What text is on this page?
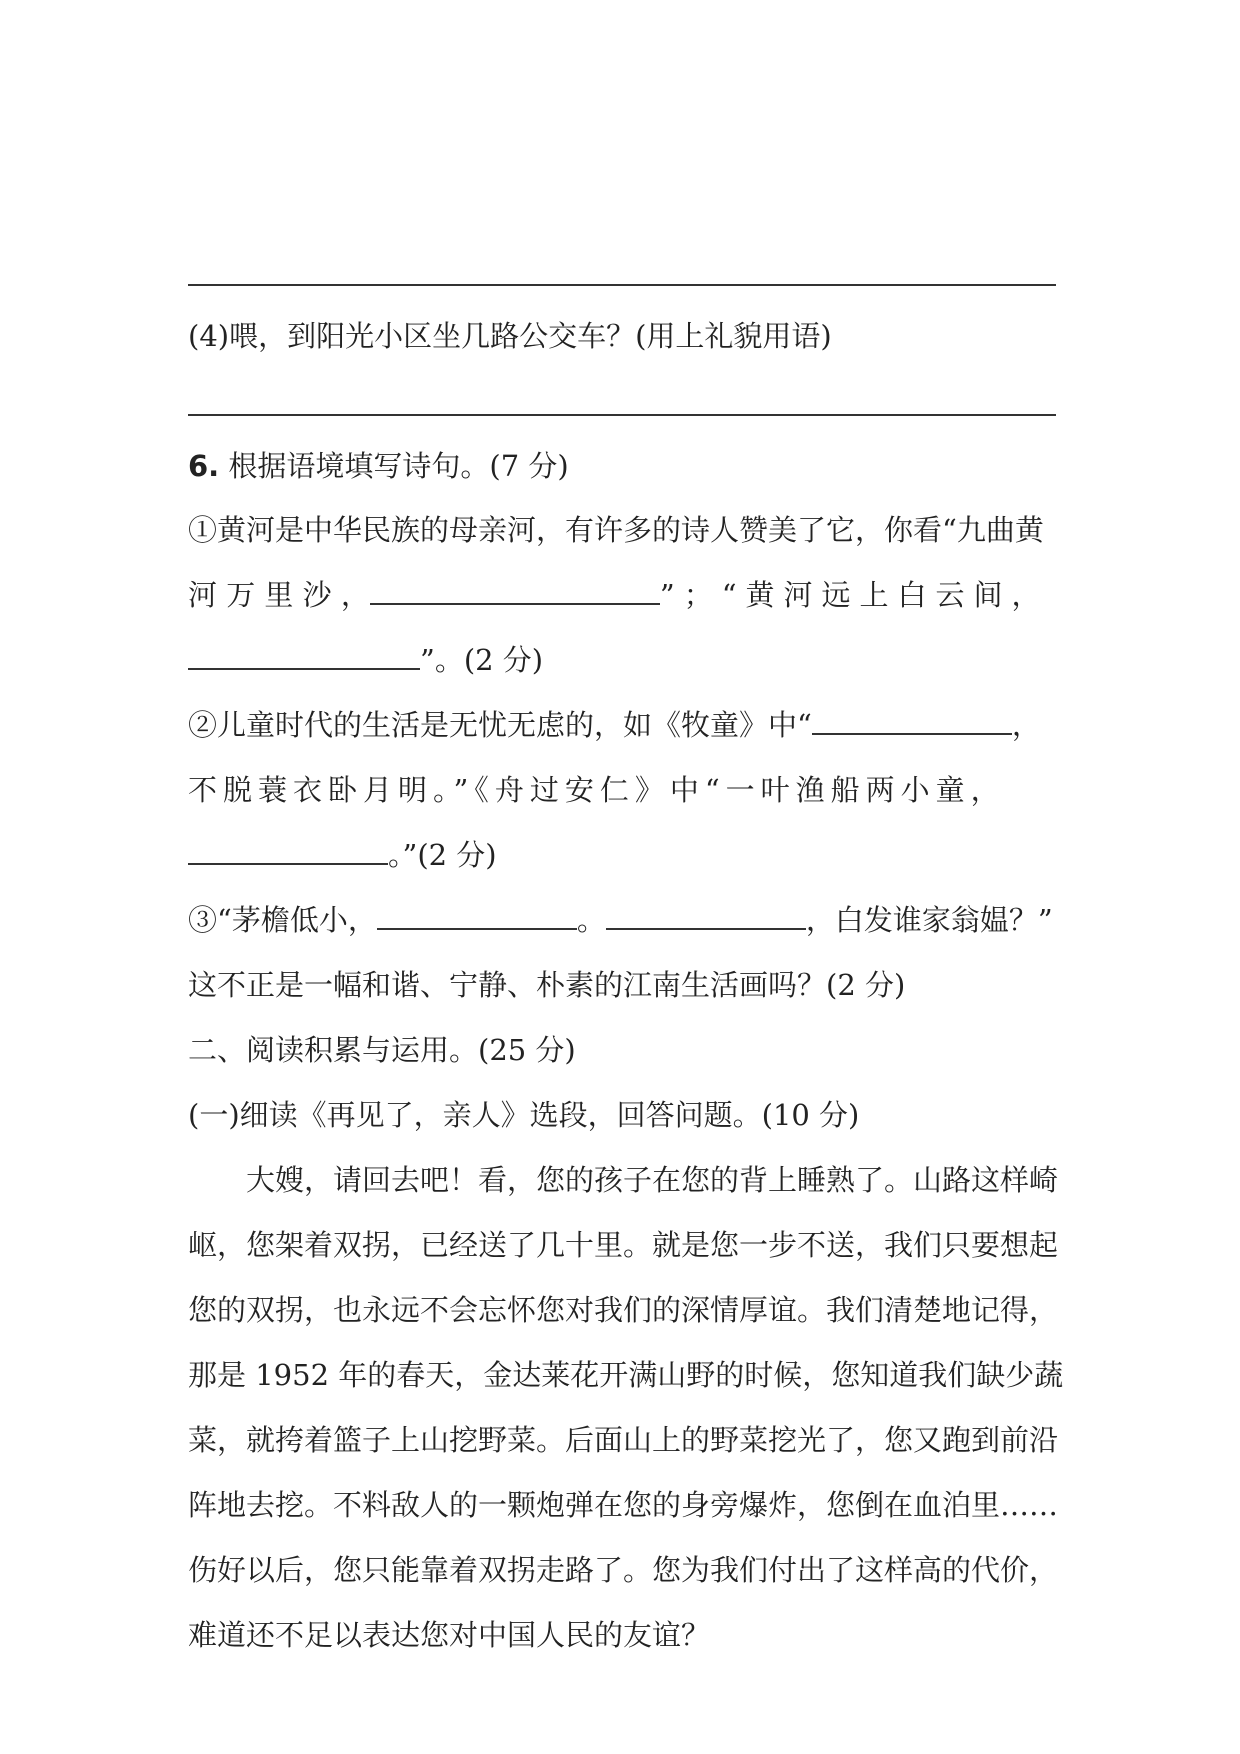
(4)喂，到阳光小区坐几路公交车？(用上礼貌用语)
6. 根据语境填写诗句。(7 分)
①黄河是中华民族的母亲河，有许多的诗人赞美了它，你看“九曲黄
河 万 里 沙 ，	”；“黄河远上白云间，
”。(2 分)
②儿童时代的生活是无忧无虑的，如《牧童》中“	，
不脱蓑衣卧月明。”《舟过安仁》中“一叶渔船两小童，
。”(2 分)
③“茅檐低小，	。	，白发谁家翁媪？”
这不正是一幅和谐、宁静、朴素的江南生活画吗？(2 分)
二、阅读积累与运用。(25 分)
(一)细读《再见了，亲人》选段，回答问题。(10 分)
大嫂，请回去吧！看，您的孩子在您的背上睡熟了。山路这样崎
岖，您架着双拐，已经送了几十里。就是您一步不送，我们只要想起
您的双拐，也永远不会忘怀您对我们的深情厚谊。我们清楚地记得，
那是 1952 年的春天，金达莱花开满山野的时候，您知道我们缺少蔬
菜，就挎着篮子上山挖野菜。后面山上的野菜挖光了，您又跑到前沿
阵地去挖。不料敌人的一颗炮弹在您的身旁爆炸，您倒在血泊里……
伤好以后，您只能靠着双拐走路了。您为我们付出了这样高的代价，
难道还不足以表达您对中国人民的友谊？
